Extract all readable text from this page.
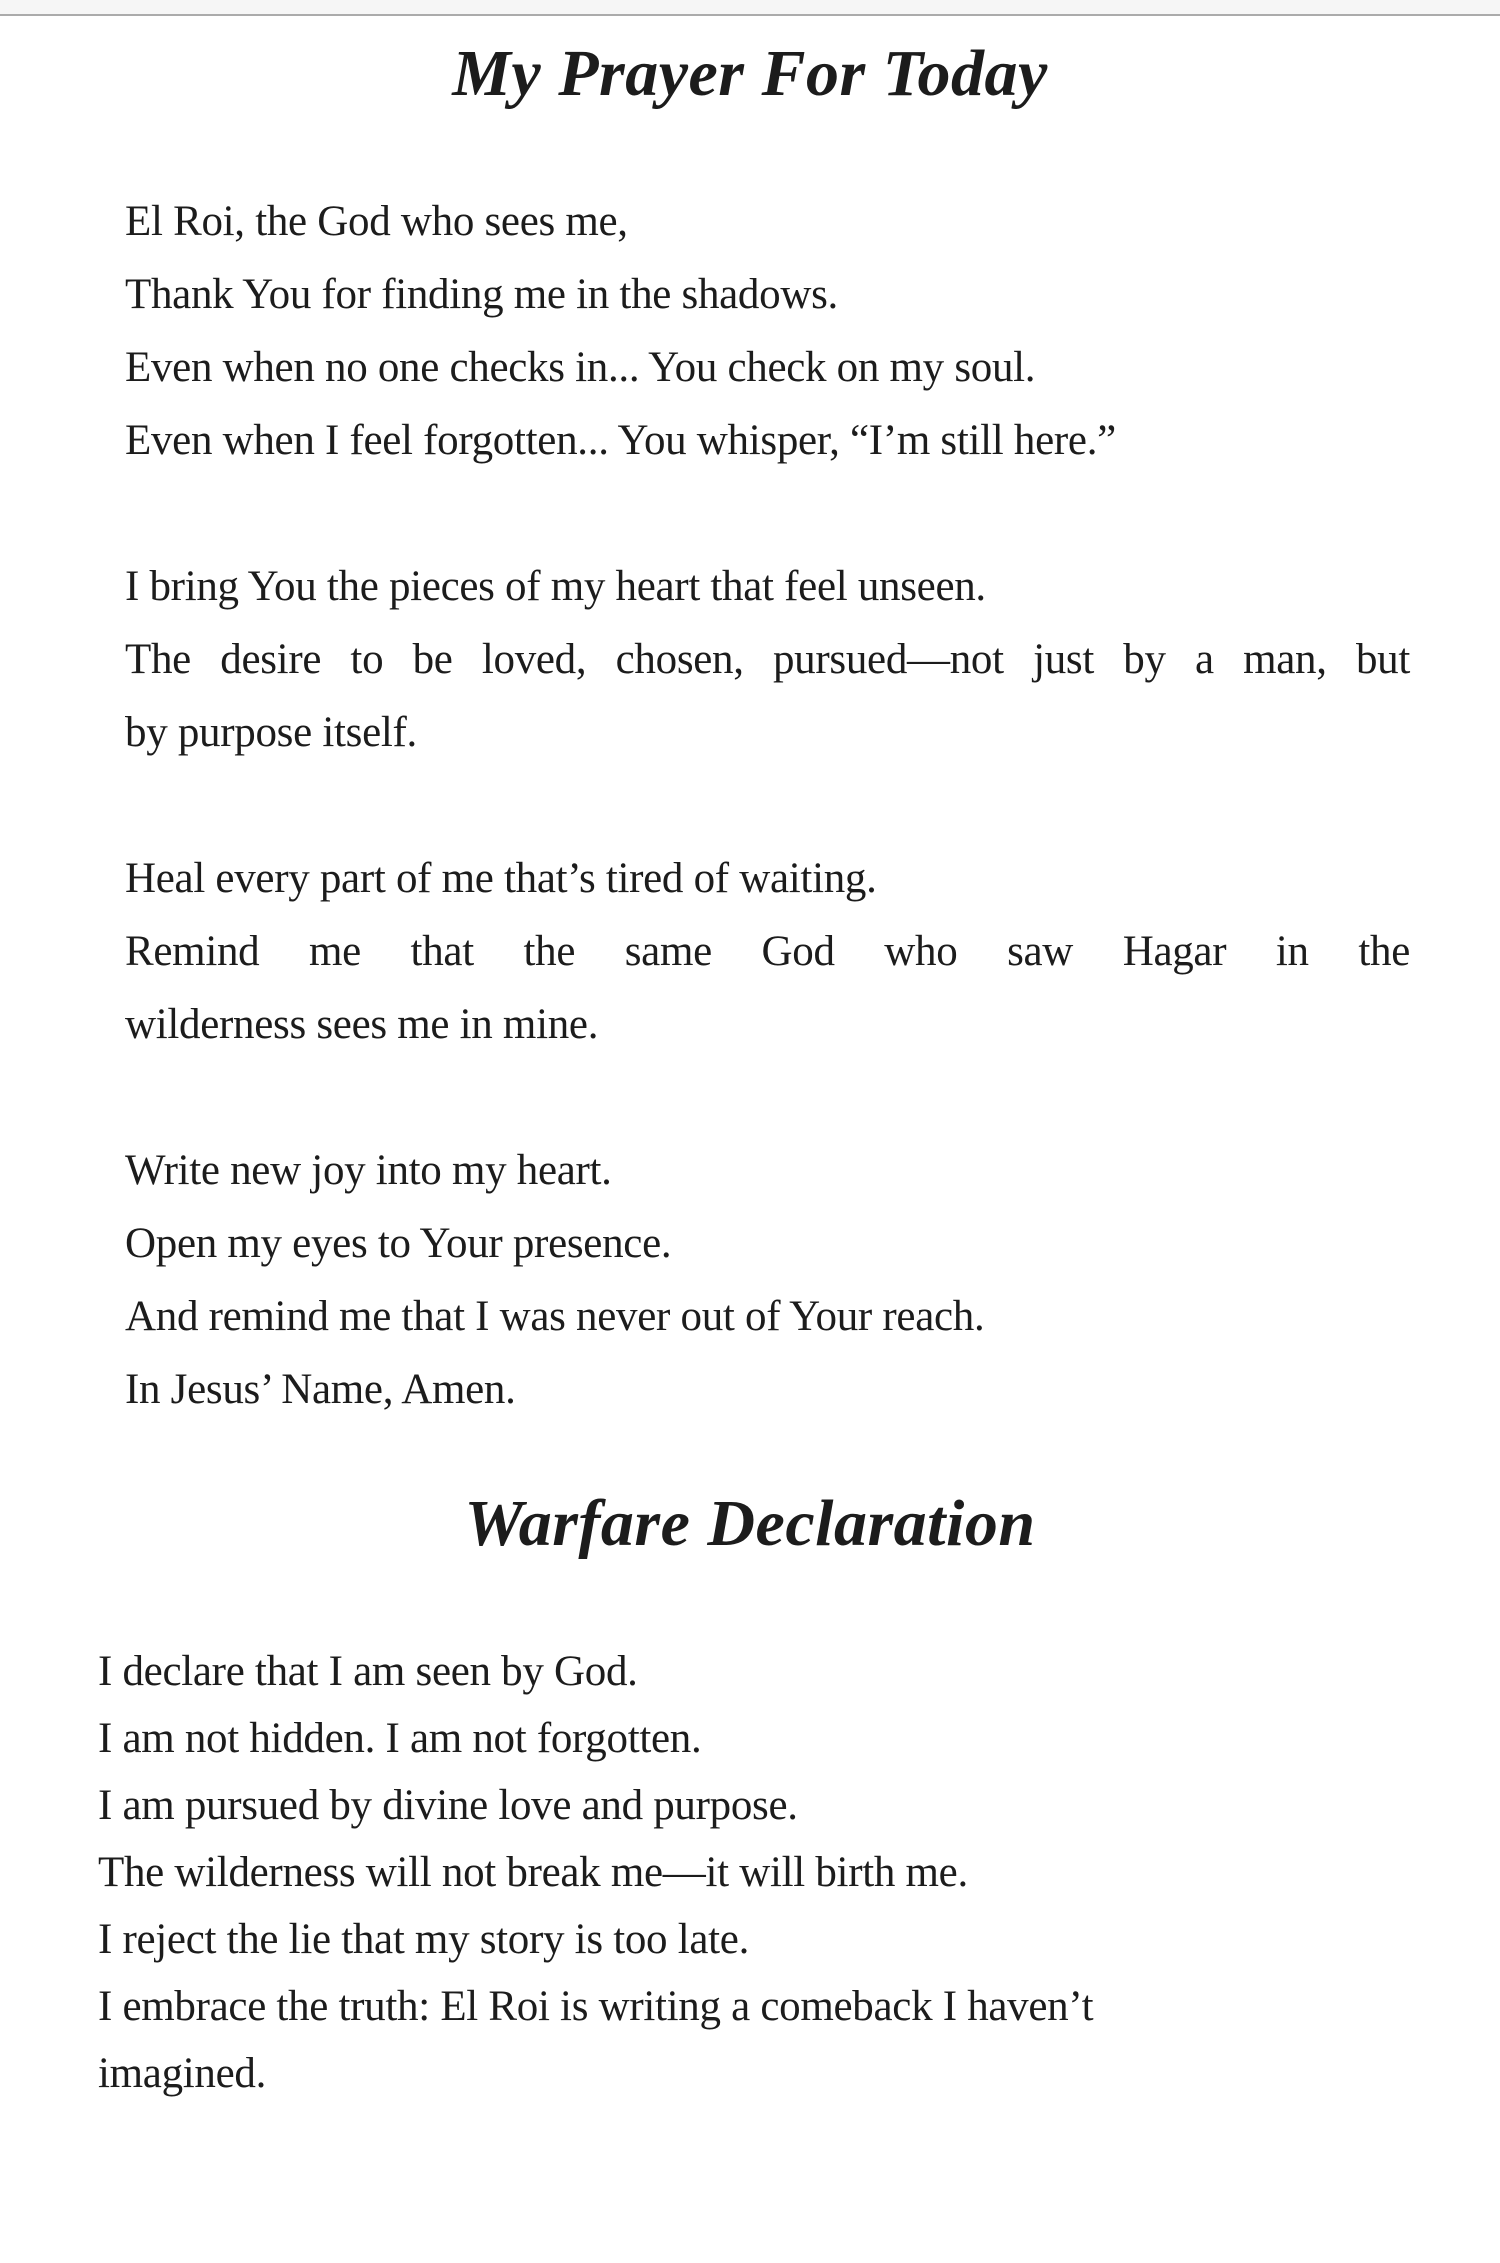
My Prayer For Today
El Roi, the God who sees me,
Thank You for finding me in the shadows.
Even when no one checks in... You check on my soul.
Even when I feel forgotten... You whisper, “I’m still here.”
I bring You the pieces of my heart that feel unseen.
The desire to be loved, chosen, pursued—not just by a man, but
by purpose itself.
Heal every part of me that’s tired of waiting.
Remind me that the same God who saw Hagar in the
wilderness sees me in mine.
Write new joy into my heart.
Open my eyes to Your presence.
And remind me that I was never out of Your reach.
In Jesus’ Name, Amen.
Warfare Declaration
I declare that I am seen by God.
I am not hidden. I am not forgotten.
I am pursued by divine love and purpose.
The wilderness will not break me—it will birth me.
I reject the lie that my story is too late.
I embrace the truth: El Roi is writing a comeback I haven’t
imagined.
